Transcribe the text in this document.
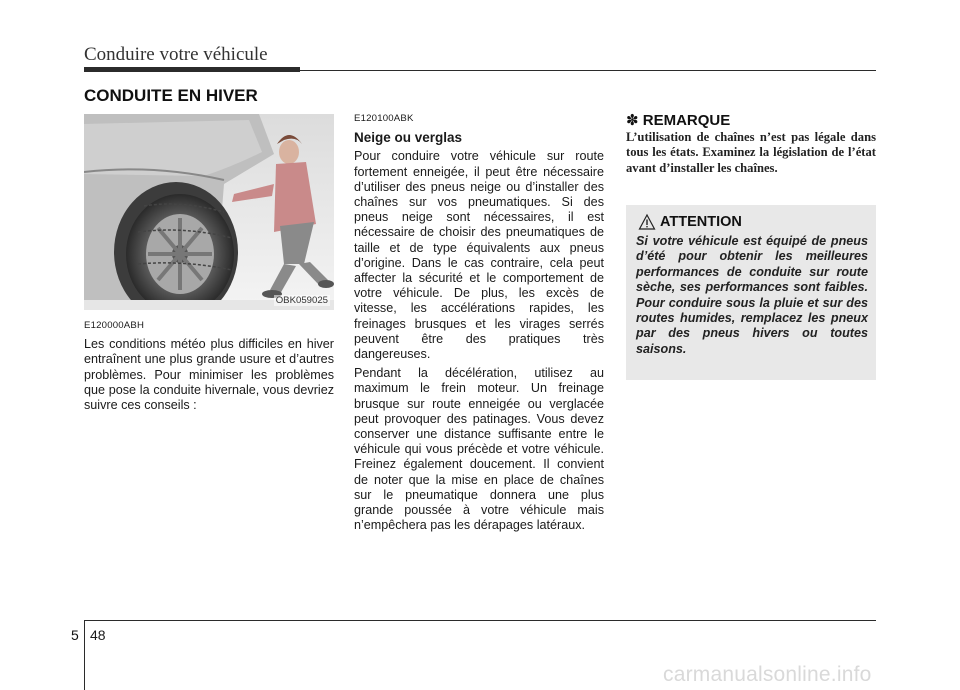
Conduire votre véhicule
CONDUITE EN HIVER
OBK059025

E120000ABH

Les conditions météo plus difficiles en hiver entraînent une plus grande usure et d’autres problèmes. Pour minimiser les problèmes que pose la conduite hivernale, vous devriez suivre ces conseils :

E120100ABK

Neige ou verglas

Pour conduire votre véhicule sur route fortement enneigée, il peut être nécessaire d’utiliser des pneus neige ou d’installer des chaînes sur vos pneumatiques. Si des pneus neige sont nécessaires, il est nécessaire de choisir des pneumatiques de taille et de type équivalents aux pneus d’origine. Dans le cas contraire, cela peut affecter la sécurité et le comportement de votre véhicule. De plus, les excès de vitesse, les accélérations rapides, les freinages brusques et les virages serrés peuvent être des pratiques très dangereuses.

Pendant la décélération, utilisez au maximum le frein moteur. Un freinage brusque sur route enneigée ou verglacée peut provoquer des patinages. Vous devez conserver une distance suffisante entre le véhicule qui vous précède et votre véhicule. Freinez également doucement. Il convient de noter que la mise en place de chaînes sur le pneumatique donnera une plus grande poussée à votre véhicule mais n’empêchera pas les dérapages latéraux.

✽ REMARQUE
L’utilisation de chaînes n’est pas légale dans tous les états. Examinez la législation de l’état avant d’installer les chaînes.
ATTENTION
Si votre véhicule est équipé de pneus d’été pour obtenir les meilleures performances de conduite sur route sèche, ses performances sont faibles. Pour conduire sous la pluie et sur des routes humides, remplacez les pneux par des pneus hivers ou toutes saisons.
5 48
carmanualsonline.info
